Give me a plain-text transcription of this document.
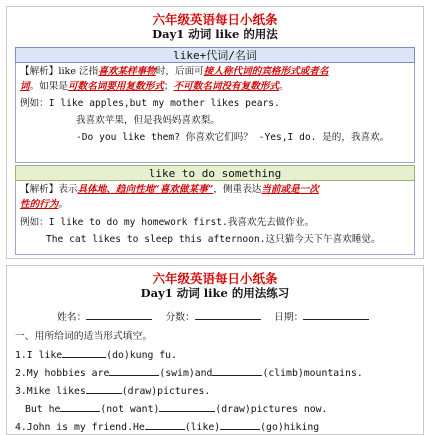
六年级英语每日小纸条
Day1 动词 like 的用法
like+代词/名词
【解析】like 泛指喜欢某样事物时，后面可接人称代词的宾格形式或者名
词。如果是可数名词要用复数形式；不可数名词没有复数形式。
例如：I like apples,but my mother likes pears.
我喜欢苹果，但是我妈妈喜欢梨。
-Do you like them? 你喜欢它们吗？ -Yes,I do. 是的，我喜欢。
like to do something
【解析】表示具体地、趋向性地“喜欢做某事”，侧重表达当前或是一次
性的行为。
例如：I like to do my homework first.我喜欢先去做作业。
The cat likes to sleep this afternoon.这只猫今天下午喜欢睡觉。
六年级英语每日小纸条
Day1 动词 like 的用法练习
姓名：	分数：	日期：
一、用所给词的适当形式填空。
1.I like	(do)kung fu.
2.My hobbies are	(swim)and	(climb)mountains.
3.Mike likes	(draw)pictures.
But he	(not want)	(draw)pictures now.
4.John is my friend.He	(like)	(go)hiking
